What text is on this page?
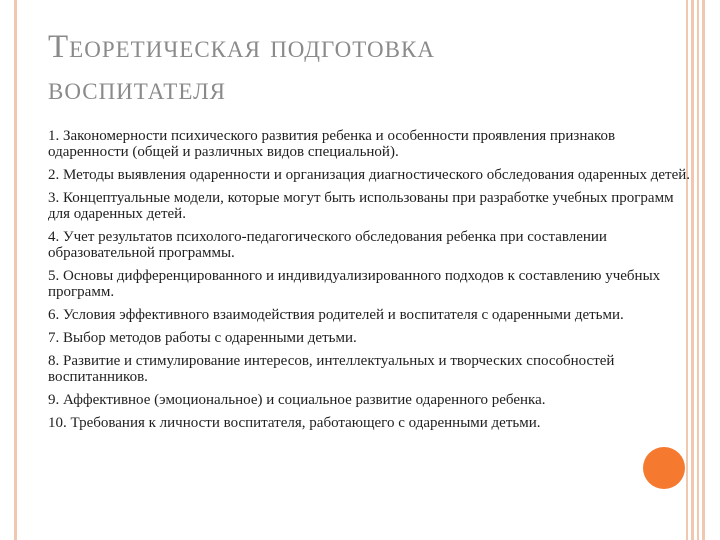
Теоретическая подготовка
воспитателя
1. Закономерности психического развития ребенка и особенности проявления признаков одаренности (общей и различных видов специальной).
2. Методы выявления одаренности и организация диагностического обследования одаренных детей.
3. Концептуальные модели, которые могут быть использованы при разработке учебных программ для одаренных детей.
4. Учет результатов психолого-педагогического обследования ребенка при составлении образовательной программы.
5. Основы дифференцированного и индивидуализированного подходов к составлению учебных программ.
6. Условия эффективного взаимодействия родителей и воспитателя с одаренными детьми.
7. Выбор методов работы с одаренными детьми.
8. Развитие и стимулирование интересов, интеллектуальных и творческих способностей воспитанников.
9. Аффективное (эмоциональное) и социальное развитие одаренного ребенка.
10. Требования к личности воспитателя, работающего с одаренными детьми.
